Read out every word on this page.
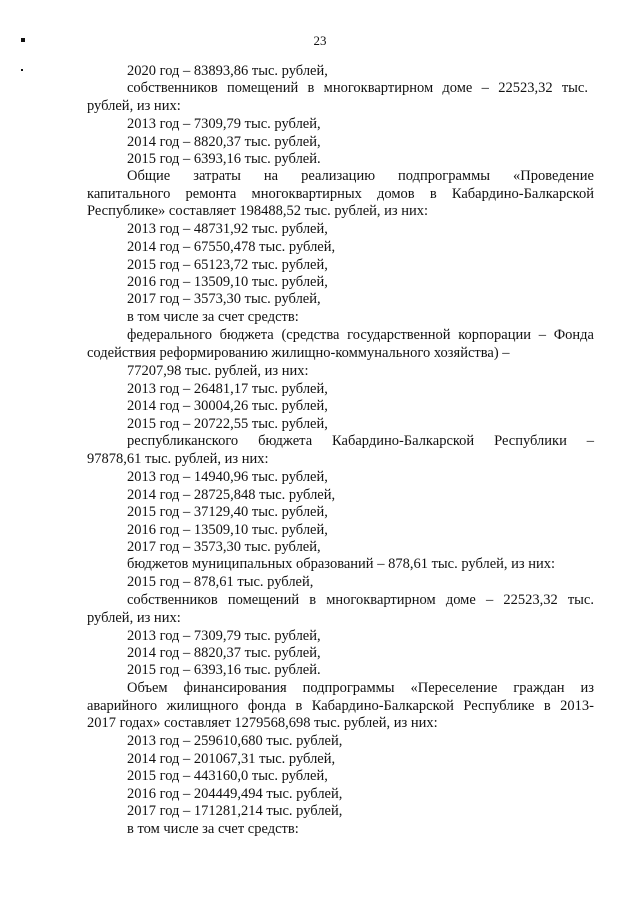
23
2020 год – 83893,86 тыс. рублей,
собственников помещений в многоквартирном доме – 22523,32 тыс.
рублей, из них:
2013 год – 7309,79 тыс. рублей,
2014 год – 8820,37 тыс. рублей,
2015 год – 6393,16 тыс. рублей.
Общие затраты на реализацию подпрограммы «Проведение
капитального ремонта многоквартирных домов в Кабардино-Балкарской
Республике» составляет 198488,52 тыс. рублей, из них:
2013 год – 48731,92 тыс. рублей,
2014 год – 67550,478 тыс. рублей,
2015 год – 65123,72 тыс. рублей,
2016 год – 13509,10 тыс. рублей,
2017 год – 3573,30 тыс. рублей,
в том числе за счет средств:
федерального бюджета (средства государственной корпорации – Фонда
содействия реформированию жилищно-коммунального хозяйства) –
77207,98 тыс. рублей, из них:
2013 год – 26481,17 тыс. рублей,
2014 год – 30004,26 тыс. рублей,
2015 год – 20722,55 тыс. рублей,
республиканского бюджета Кабардино-Балкарской Республики –
97878,61 тыс. рублей, из них:
2013 год – 14940,96 тыс. рублей,
2014 год – 28725,848 тыс. рублей,
2015 год – 37129,40 тыс. рублей,
2016 год – 13509,10 тыс. рублей,
2017 год – 3573,30 тыс. рублей,
бюджетов муниципальных образований – 878,61 тыс. рублей, из них:
2015 год – 878,61 тыс. рублей,
собственников помещений в многоквартирном доме – 22523,32 тыс.
рублей, из них:
2013 год – 7309,79 тыс. рублей,
2014 год – 8820,37 тыс. рублей,
2015 год – 6393,16 тыс. рублей.
Объем финансирования подпрограммы «Переселение граждан из
аварийного жилищного фонда в Кабардино-Балкарской Республике в 2013-
2017 годах» составляет 1279568,698 тыс. рублей, из них:
2013 год – 259610,680 тыс. рублей,
2014 год – 201067,31 тыс. рублей,
2015 год – 443160,0 тыс. рублей,
2016 год – 204449,494 тыс. рублей,
2017 год – 171281,214 тыс. рублей,
в том числе за счет средств:
